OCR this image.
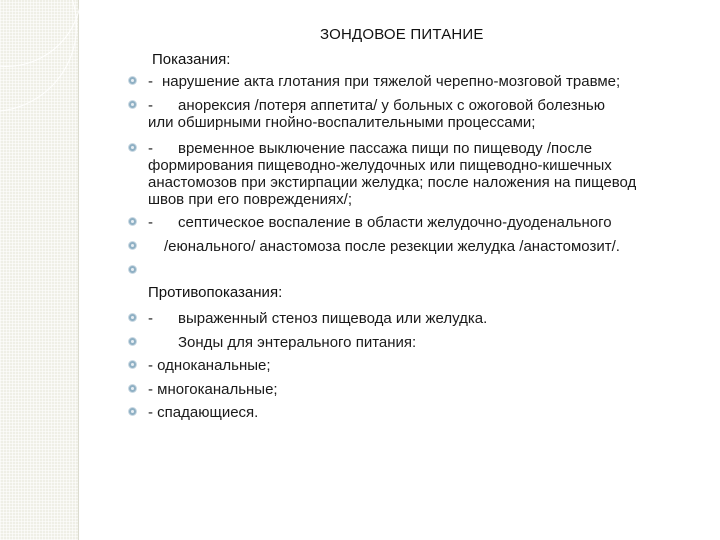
ЗОНДОВОЕ ПИТАНИЕ
Показания:
- нарушение акта глотания при тяжелой черепно-мозговой травме;
- анорексия /потеря аппетита/ у больных с ожоговой болезнью
или обширными гнойно-воспалительными процессами;
- временное выключение пассажа пищи по пищеводу /после
формирования пищеводно-желудочных или пищеводно-кишечных
анастомозов при экстирпации желудка; после наложения на пищевод
швов при его повреждениях/;
- септическое воспаление в области желудочно-дуоденального
/еюнального/ анастомоза после резекции желудка /анастомозит/.
Противопоказания:
- выраженный стеноз пищевода или желудка.
Зонды для энтерального питания:
- одноканальные;
- многоканальные;
- спадающиеся.
